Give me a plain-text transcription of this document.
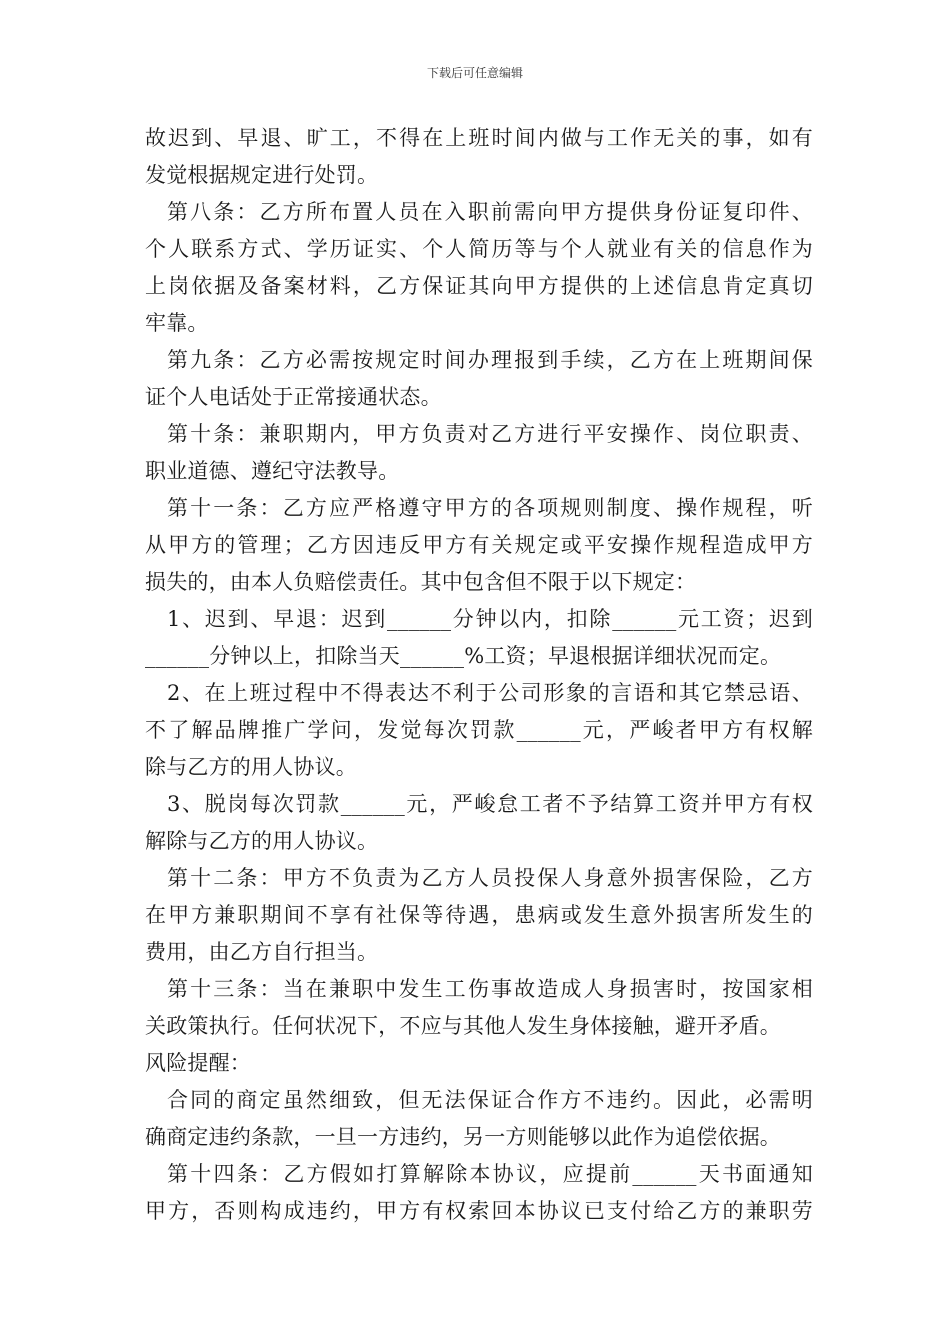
下载后可任意编辑
故迟到、早退、旷工，不得在上班时间内做与工作无关的事，如有
发觉根据规定进行处罚。
第八条：乙方所布置人员在入职前需向甲方提供身份证复印件、
个人联系方式、学历证实、个人简历等与个人就业有关的信息作为
上岗依据及备案材料，乙方保证其向甲方提供的上述信息肯定真切
牢靠。
第九条：乙方必需按规定时间办理报到手续，乙方在上班期间保
证个人电话处于正常接通状态。
第十条：兼职期内，甲方负责对乙方进行平安操作、岗位职责、
职业道德、遵纪守法教导。
第十一条：乙方应严格遵守甲方的各项规则制度、操作规程，听
从甲方的管理；乙方因违反甲方有关规定或平安操作规程造成甲方
损失的，由本人负赔偿责任。其中包含但不限于以下规定：
1、迟到、早退：迟到______分钟以内，扣除______元工资；迟到
______分钟以上，扣除当天______%工资；早退根据详细状况而定。
2、在上班过程中不得表达不利于公司形象的言语和其它禁忌语、
不了解品牌推广学问，发觉每次罚款______元，严峻者甲方有权解
除与乙方的用人协议。
3、脱岗每次罚款______元，严峻怠工者不予结算工资并甲方有权
解除与乙方的用人协议。
第十二条：甲方不负责为乙方人员投保人身意外损害保险，乙方
在甲方兼职期间不享有社保等待遇，患病或发生意外损害所发生的
费用，由乙方自行担当。
第十三条：当在兼职中发生工伤事故造成人身损害时，按国家相
关政策执行。任何状况下，不应与其他人发生身体接触，避开矛盾。
风险提醒：
合同的商定虽然细致，但无法保证合作方不违约。因此，必需明
确商定违约条款，一旦一方违约，另一方则能够以此作为追偿依据。
第十四条：乙方假如打算解除本协议，应提前______天书面通知
甲方，否则构成违约，甲方有权索回本协议已支付给乙方的兼职劳
